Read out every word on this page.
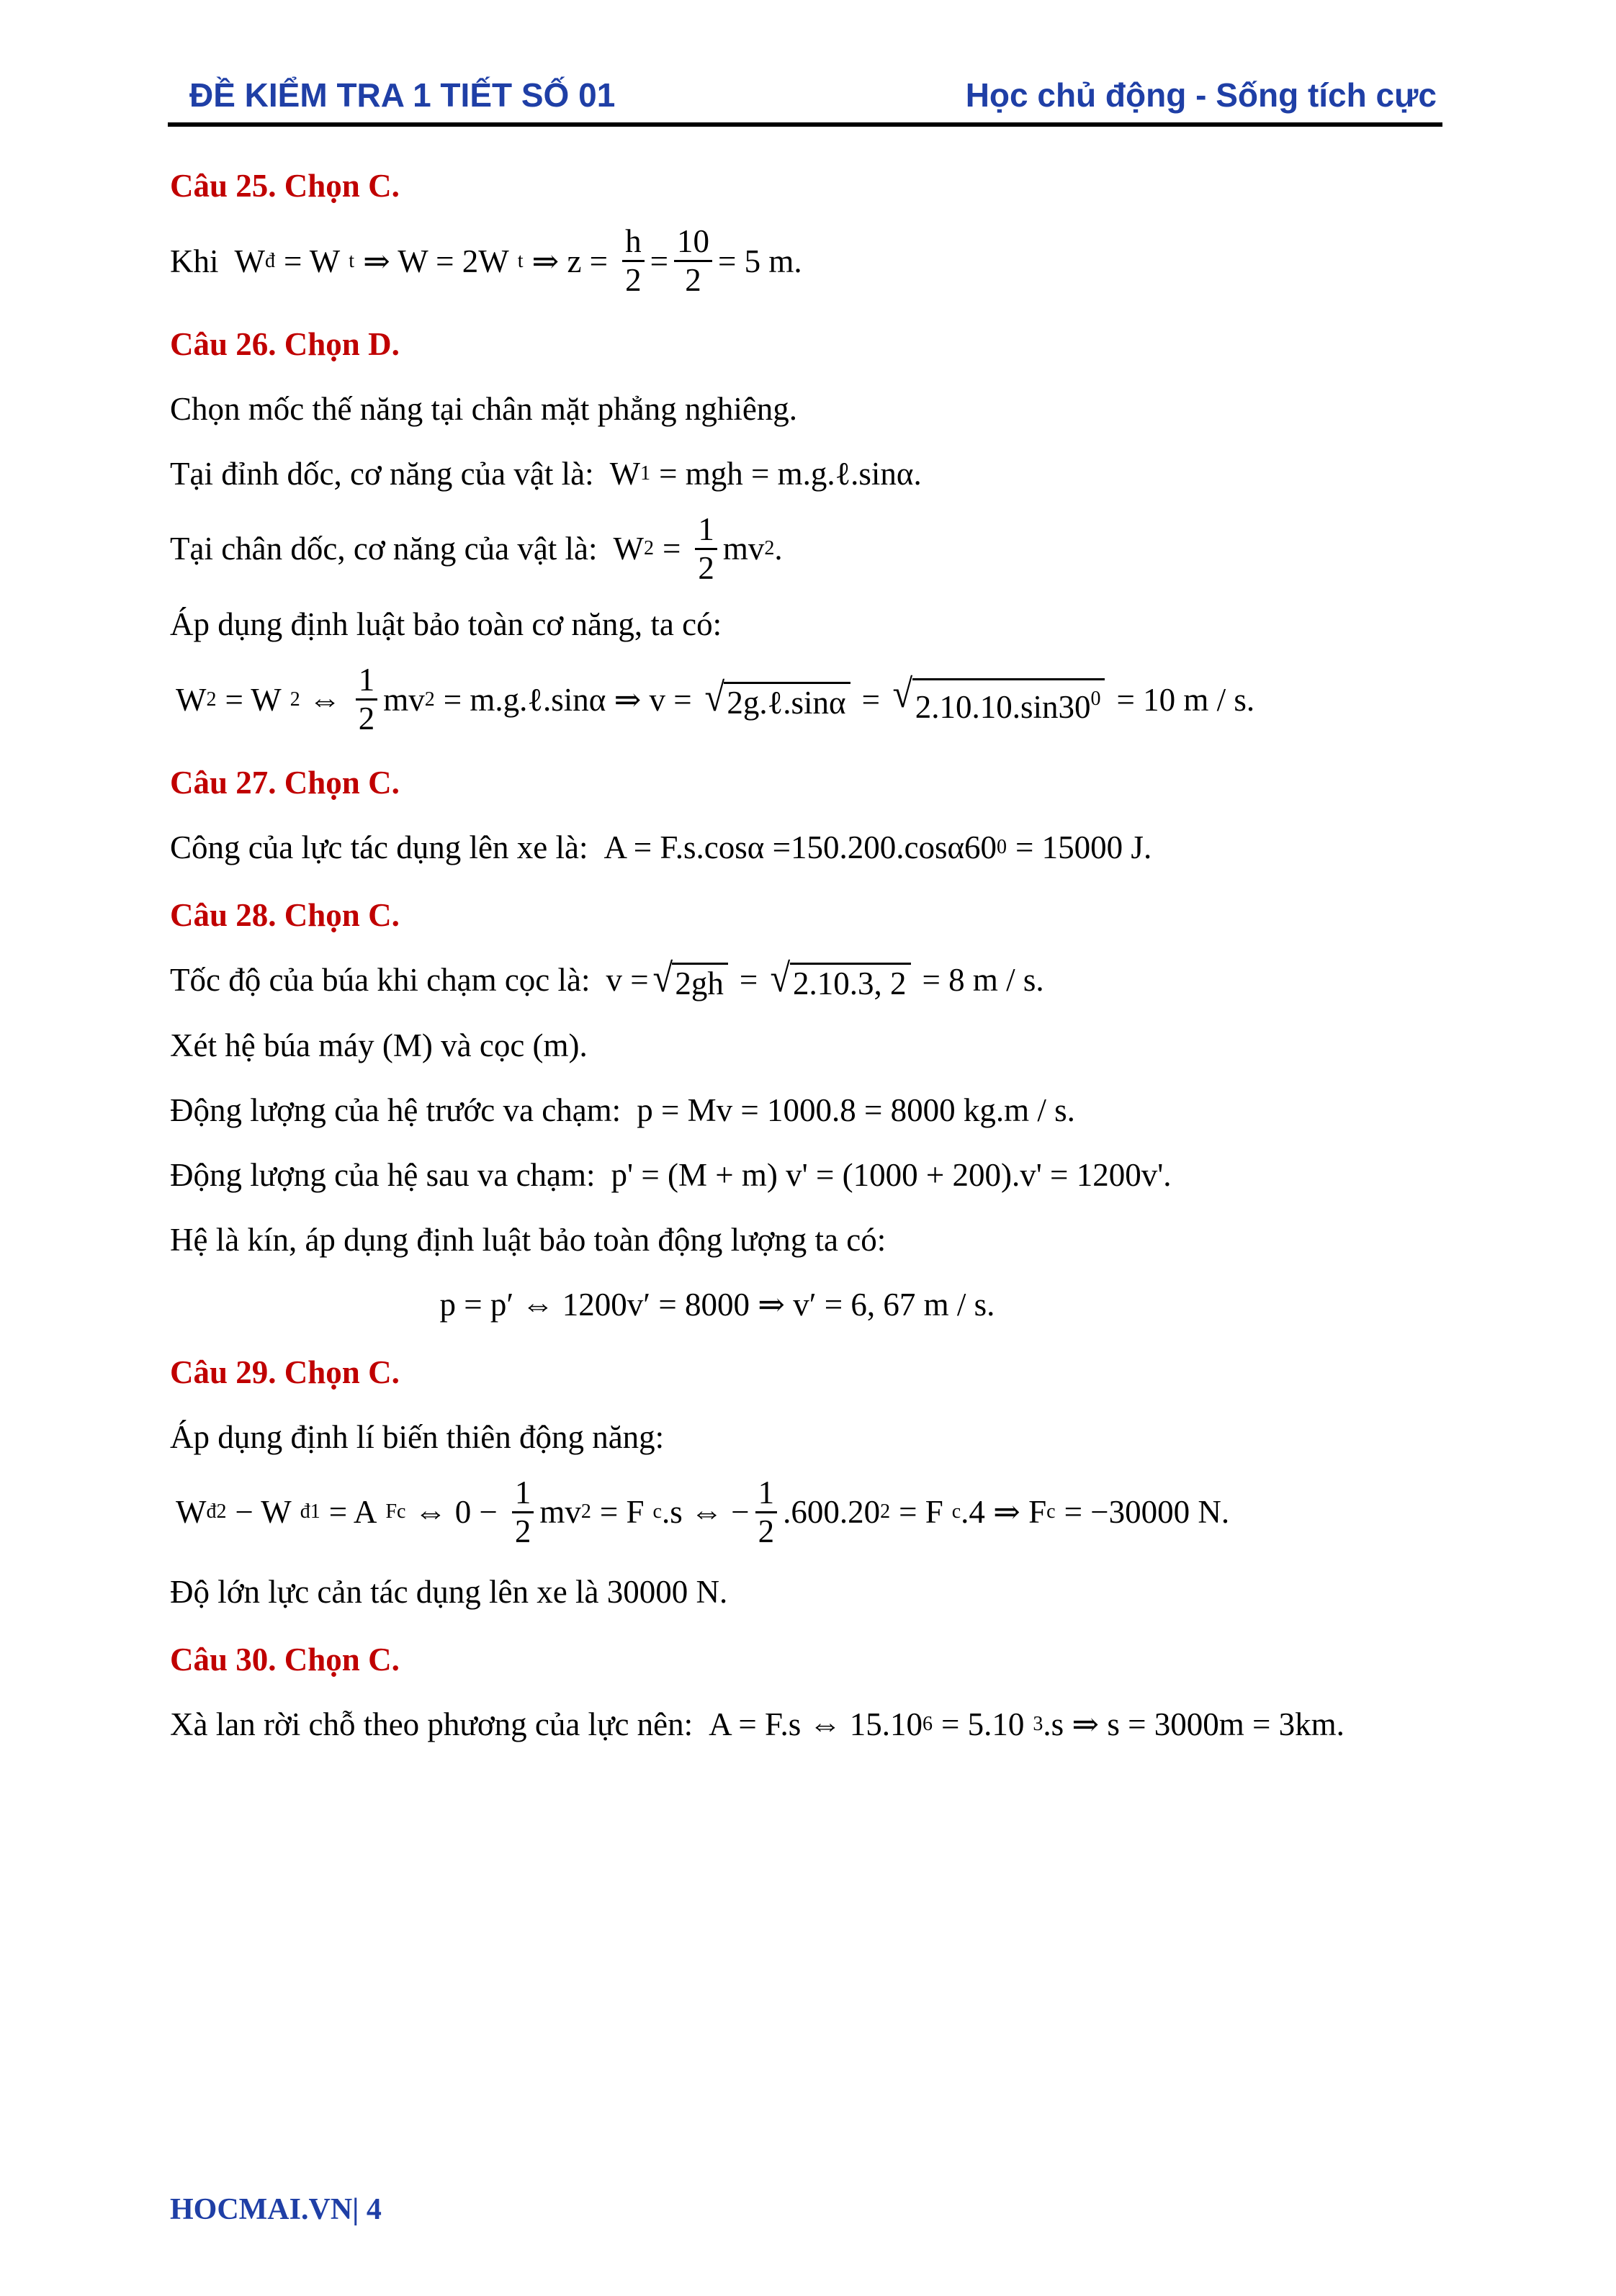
ĐỀ KIỂM TRA 1 TIẾT SỐ 01	Học chủ động - Sống tích cực
Câu 25. Chọn C.
Khi W đ = W t ⇒ W = 2W t ⇒ $z = \frac{h}{2} = \frac{10}{2} = 5$ m.
Câu 26. Chọn D.
Chọn mốc thế năng tại chân mặt phẳng nghiêng.
Tại đỉnh dốc, cơ năng của vật là: W 1 = mgh = m.g.ℓ.sinα.
Tại chân dốc, cơ năng của vật là: W $2 = \frac{1}{2}$ mv 2 .
Áp dụng định luật bảo toàn cơ năng, ta có:
W 2 = W 2 ⇔ $\frac{1}{2}$ mv 2 = m.g.ℓ.sinα ⇒ v = √ 2g.ℓ.sinα = √ $2.10.10.\sin 30^0 = 10$ m / s.
Câu 27. Chọn C.
Công của lực tác dụng lên xe là: A = F.s.cosα =150.200.cosα60 0 = 15000 J.
Câu 28. Chọn C.
Tốc độ của búa khi chạm cọc là: v = √ 2gh = √ 2.10.3, 2 = 8 m / s.
Xét hệ búa máy (M) và cọc (m).
Động lượng của hệ trước va chạm: p = Mv = 1000.8 = 8000 kg.m / s.
Động lượng của hệ sau va chạm: p' = (M + m) v' = (1000 + 200).v' = 1200v'.
Hệ là kín, áp dụng định luật bảo toàn động lượng ta có:
p = p′ ⇔ 1200v′ = 8000 ⇒ v′ = 6, 67 m / s.
Câu 29. Chọn C.
Áp dụng định lí biến thiên động năng:
W đ2 − W đ1 = A Fc ⇔ $0 - \frac{1}{2}$ mv 2 = F c .s ⇔ − $\frac{1}{2} .600.20$ 2 = F c .4 ⇒ F c = −30000 N.
Độ lớn lực cản tác dụng lên xe là 30000 N.
Câu 30. Chọn C.
Xà lan rời chỗ theo phương của lực nên: A = F.s ⇔ 15.10 6 = 5.10 3 .s ⇒ s = 3000m = 3km.
HOCMAI.VN| 4
